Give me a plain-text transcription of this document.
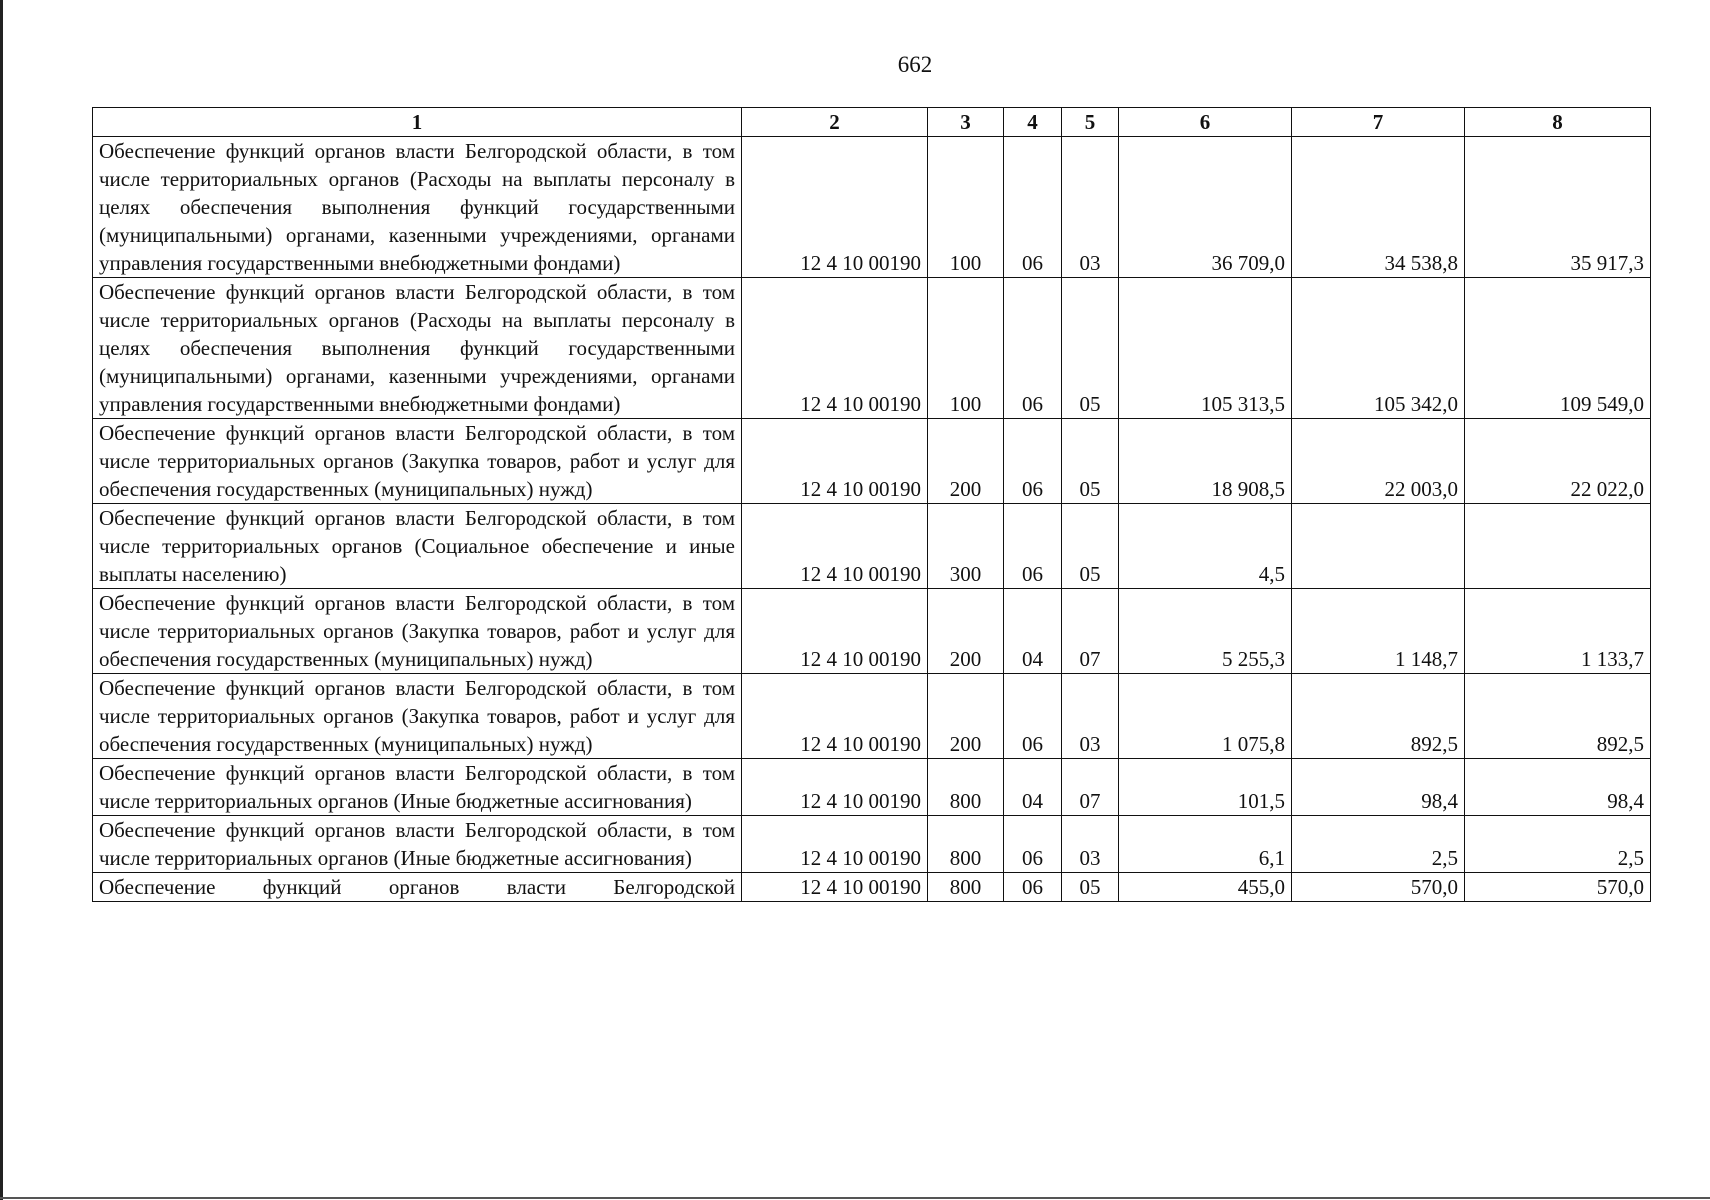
662
1	2	3	4	5	6	7	8
Обеспечение функций органов власти Белгородской области, в том числе территориальных органов (Расходы на выплаты персоналу в целях обеспечения выполнения функций государственными (муниципальными) органами, казенными учреждениями, органами управления государственными внебюджетными фондами)	12 4 10 00190	100	06	03	36 709,0	34 538,8	35 917,3
Обеспечение функций органов власти Белгородской области, в том числе территориальных органов (Расходы на выплаты персоналу в целях обеспечения выполнения функций государственными (муниципальными) органами, казенными учреждениями, органами управления государственными внебюджетными фондами)	12 4 10 00190	100	06	05	105 313,5	105 342,0	109 549,0
Обеспечение функций органов власти Белгородской области, в том числе территориальных органов (Закупка товаров, работ и услуг для обеспечения государственных (муниципальных) нужд)	12 4 10 00190	200	06	05	18 908,5	22 003,0	22 022,0
Обеспечение функций органов власти Белгородской области, в том числе территориальных органов (Социальное обеспечение и иные выплаты населению)	12 4 10 00190	300	06	05	4,5		
Обеспечение функций органов власти Белгородской области, в том числе территориальных органов (Закупка товаров, работ и услуг для обеспечения государственных (муниципальных) нужд)	12 4 10 00190	200	04	07	5 255,3	1 148,7	1 133,7
Обеспечение функций органов власти Белгородской области, в том числе территориальных органов (Закупка товаров, работ и услуг для обеспечения государственных (муниципальных) нужд)	12 4 10 00190	200	06	03	1 075,8	892,5	892,5
Обеспечение функций органов власти Белгородской области, в том числе территориальных органов (Иные бюджетные ассигнования)	12 4 10 00190	800	04	07	101,5	98,4	98,4
Обеспечение функций органов власти Белгородской области, в том числе территориальных органов (Иные бюджетные ассигнования)	12 4 10 00190	800	06	03	6,1	2,5	2,5
Обеспечение функций органов власти Белгородской	12 4 10 00190	800	06	05	455,0	570,0	570,0
